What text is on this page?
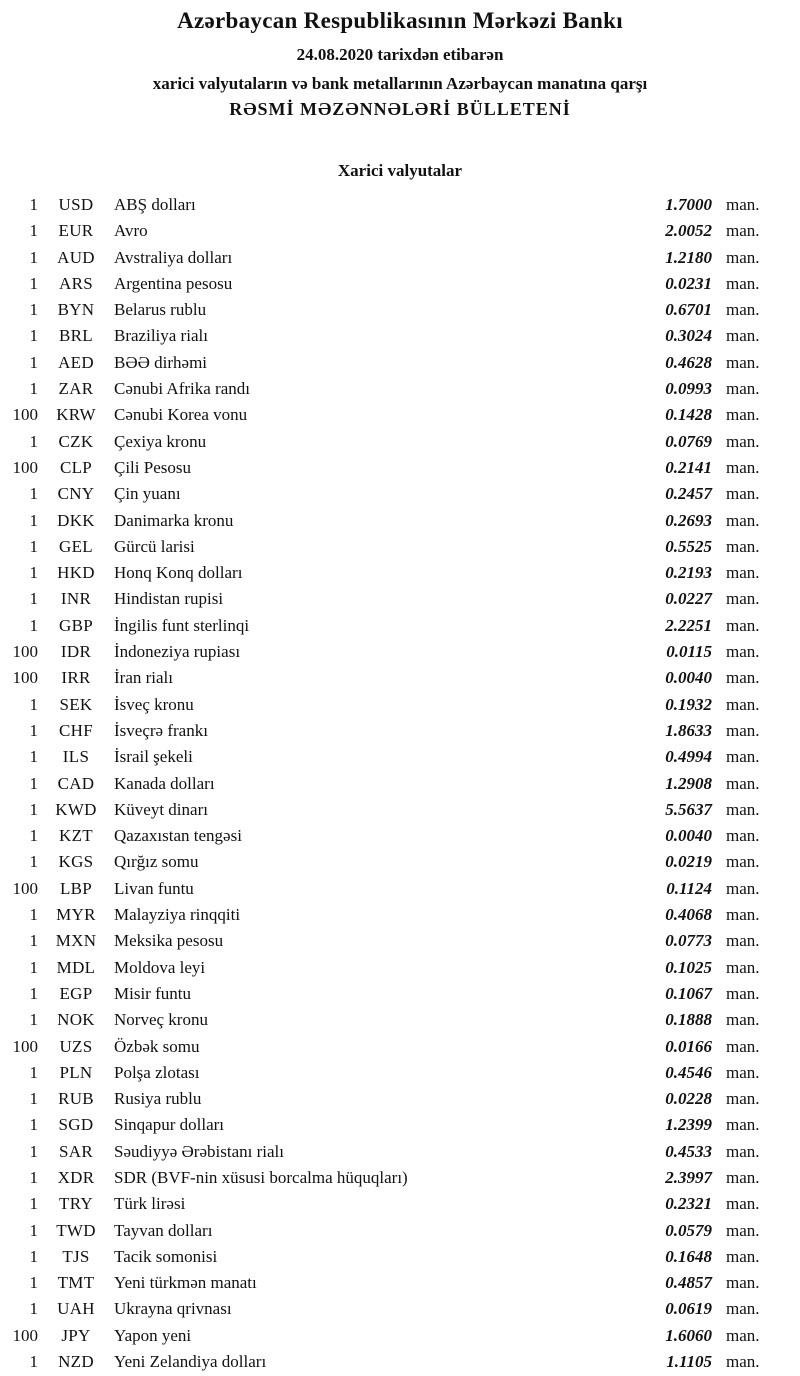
Azərbaycan Respublikasının Mərkəzi Bankı
24.08.2020 tarixdən etibarən
xarici valyutaların və bank metallarının Azərbaycan manatına qarşı
RƏSMİ MƏZƏNNƏLƏRİ BÜLLETENİ
Xarici valyutalar
1	USD	ABŞ dolları	1.7000 man.
1	EUR	Avro	2.0052 man.
1	AUD	Avstraliya dolları	1.2180 man.
1	ARS	Argentina pesosu	0.0231 man.
1	BYN	Belarus rublu	0.6701 man.
1	BRL	Braziliya rialı	0.3024 man.
1	AED	BƏƏ dirhəmi	0.4628 man.
1	ZAR	Cənubi Afrika randı	0.0993 man.
100	KRW	Cənubi Korea vonu	0.1428 man.
1	CZK	Çexiya kronu	0.0769 man.
100	CLP	Çili Pesosu	0.2141 man.
1	CNY	Çin yuanı	0.2457 man.
1	DKK	Danimarka kronu	0.2693 man.
1	GEL	Gürcü larisi	0.5525 man.
1	HKD	Honq Konq dolları	0.2193 man.
1	INR	Hindistan rupisi	0.0227 man.
1	GBP	İngilis funt sterlinqi	2.2251 man.
100	IDR	İndoneziya rupiası	0.0115 man.
100	IRR	İran rialı	0.0040 man.
1	SEK	İsveç kronu	0.1932 man.
1	CHF	İsveçrə frankı	1.8633 man.
1	ILS	İsrail şekeli	0.4994 man.
1	CAD	Kanada dolları	1.2908 man.
1	KWD	Küveyt dinarı	5.5637 man.
1	KZT	Qazaxıstan tengəsi	0.0040 man.
1	KGS	Qırğız somu	0.0219 man.
100	LBP	Livan funtu	0.1124 man.
1	MYR	Malayziya rinqqiti	0.4068 man.
1	MXN	Meksika pesosu	0.0773 man.
1	MDL	Moldova leyi	0.1025 man.
1	EGP	Misir funtu	0.1067 man.
1	NOK	Norveç kronu	0.1888 man.
100	UZS	Özbək somu	0.0166 man.
1	PLN	Polşa zlotası	0.4546 man.
1	RUB	Rusiya rublu	0.0228 man.
1	SGD	Sinqapur dolları	1.2399 man.
1	SAR	Səudiyyə Ərəbistanı rialı	0.4533 man.
1	XDR	SDR (BVF-nin xüsusi borcalma hüquqları)	2.3997 man.
1	TRY	Türk lirəsi	0.2321 man.
1	TWD	Tayvan dolları	0.0579 man.
1	TJS	Tacik somonisi	0.1648 man.
1	TMT	Yeni türkmən manatı	0.4857 man.
1	UAH	Ukrayna qrivnası	0.0619 man.
100	JPY	Yapon yeni	1.6060 man.
1	NZD	Yeni Zelandiya dolları	1.1105 man.
